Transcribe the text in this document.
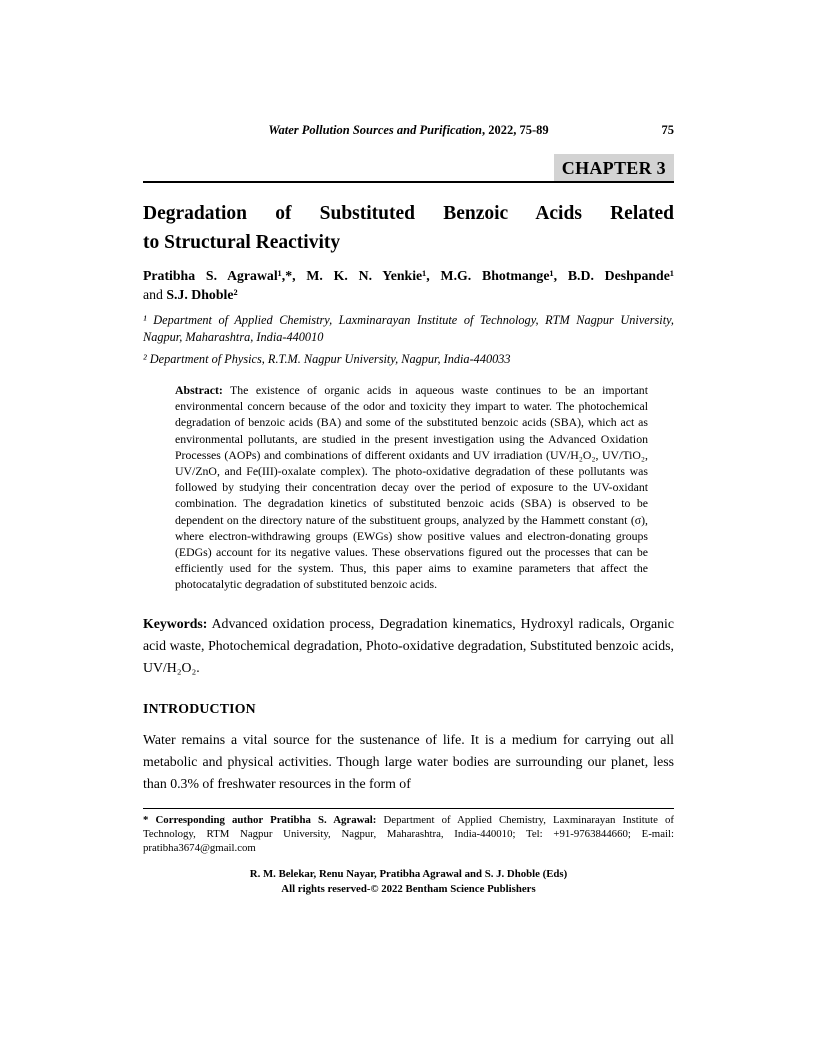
Water Pollution Sources and Purification, 2022, 75-89	75
CHAPTER 3
Degradation of Substituted Benzoic Acids Related
to Structural Reactivity
Pratibha S. Agrawal¹,*, M. K. N. Yenkie¹, M.G. Bhotmange¹, B.D. Deshpande¹
and S.J. Dhoble²
¹ Department of Applied Chemistry, Laxminarayan Institute of Technology, RTM Nagpur University, Nagpur, Maharashtra, India-440010
² Department of Physics, R.T.M. Nagpur University, Nagpur, India-440033
Abstract: The existence of organic acids in aqueous waste continues to be an important environmental concern because of the odor and toxicity they impart to water. The photochemical degradation of benzoic acids (BA) and some of the substituted benzoic acids (SBA), which act as environmental pollutants, are studied in the present investigation using the Advanced Oxidation Processes (AOPs) and combinations of different oxidants and UV irradiation (UV/H₂O₂, UV/TiO₂, UV/ZnO, and Fe(III)-oxalate complex). The photo-oxidative degradation of these pollutants was followed by studying their concentration decay over the period of exposure to the UV-oxidant combination. The degradation kinetics of substituted benzoic acids (SBA) is observed to be dependent on the directory nature of the substituent groups, analyzed by the Hammett constant (σ), where electron-withdrawing groups (EWGs) show positive values and electron-donating groups (EDGs) account for its negative values. These observations figured out the processes that can be efficiently used for the system. Thus, this paper aims to examine parameters that affect the photocatalytic degradation of substituted benzoic acids.
Keywords: Advanced oxidation process, Degradation kinematics, Hydroxyl radicals, Organic acid waste, Photochemical degradation, Photo-oxidative degradation, Substituted benzoic acids, UV/H₂O₂.
INTRODUCTION
Water remains a vital source for the sustenance of life. It is a medium for carrying out all metabolic and physical activities. Though large water bodies are surrounding our planet, less than 0.3% of freshwater resources in the form of
* Corresponding author Pratibha S. Agrawal: Department of Applied Chemistry, Laxminarayan Institute of Technology, RTM Nagpur University, Nagpur, Maharashtra, India-440010; Tel: +91-9763844660; E-mail: pratibha3674@gmail.com
R. M. Belekar, Renu Nayar, Pratibha Agrawal and S. J. Dhoble (Eds)
All rights reserved-© 2022 Bentham Science Publishers
